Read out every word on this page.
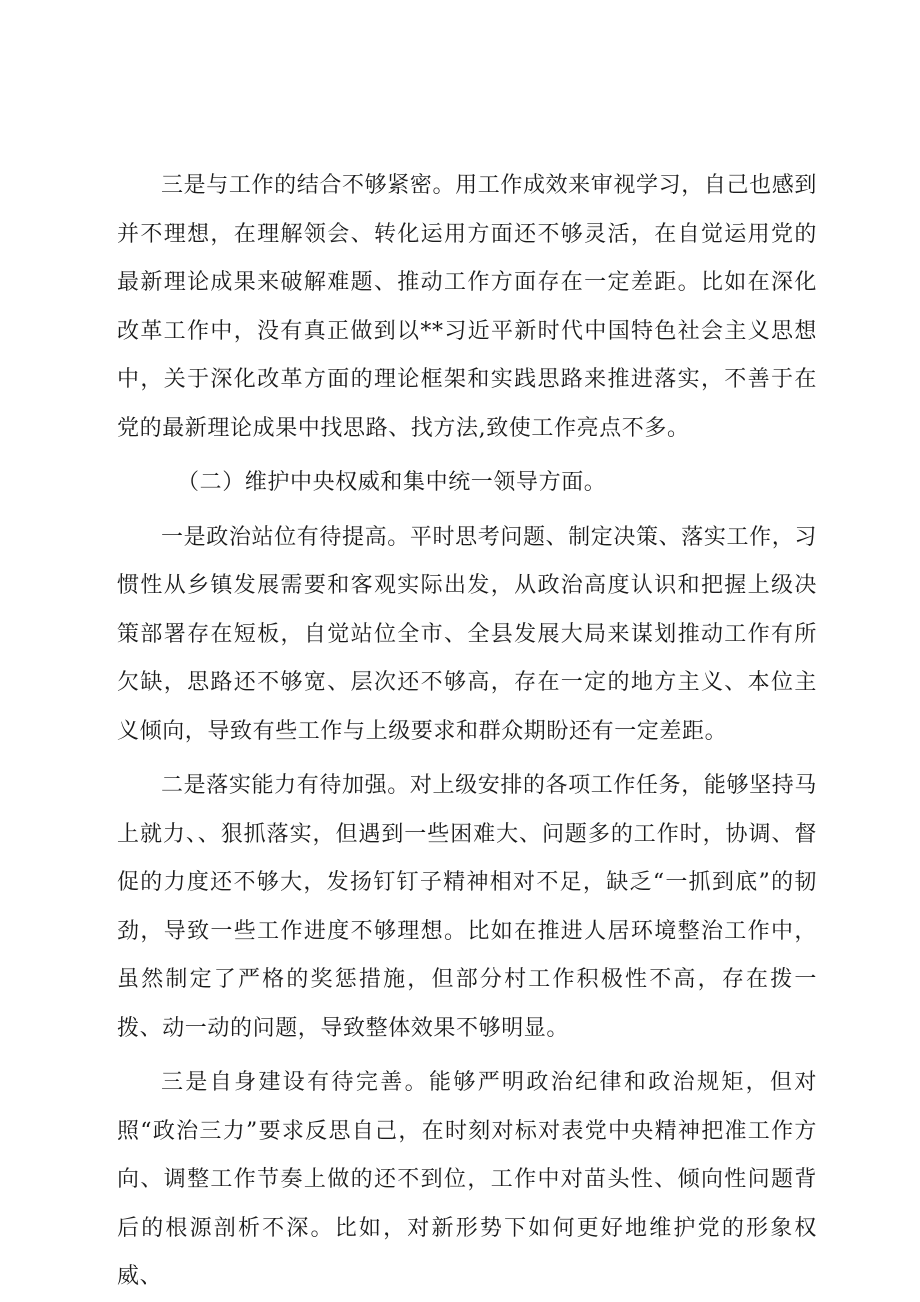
三是与工作的结合不够紧密。用工作成效来审视学习，自己也感到并不理想，在理解领会、转化运用方面还不够灵活，在自觉运用党的最新理论成果来破解难题、推动工作方面存在一定差距。比如在深化改革工作中，没有真正做到以**习近平新时代中国特色社会主义思想中，关于深化改革方面的理论框架和实践思路来推进落实，不善于在党的最新理论成果中找思路、找方法,致使工作亮点不多。

（二）维护中央权威和集中统一领导方面。

一是政治站位有待提高。平时思考问题、制定决策、落实工作，习惯性从乡镇发展需要和客观实际出发，从政治高度认识和把握上级决策部署存在短板，自觉站位全市、全县发展大局来谋划推动工作有所欠缺，思路还不够宽、层次还不够高，存在一定的地方主义、本位主义倾向，导致有些工作与上级要求和群众期盼还有一定差距。

二是落实能力有待加强。对上级安排的各项工作任务，能够坚持马上就力、、狠抓落实，但遇到一些困难大、问题多的工作时，协调、督促的力度还不够大，发扬钉钉子精神相对不足，缺乏“一抓到底”的韧劲，导致一些工作进度不够理想。比如在推进人居环境整治工作中，虽然制定了严格的奖惩措施，但部分村工作积极性不高，存在拨一拨、动一动的问题，导致整体效果不够明显。

三是自身建设有待完善。能够严明政治纪律和政治规矩，但对照“政治三力”要求反思自己，在时刻对标对表党中央精神把准工作方向、调整工作节奏上做的还不到位，工作中对苗头性、倾向性问题背后的根源剖析不深。比如，对新形势下如何更好地维护党的形象权威、
